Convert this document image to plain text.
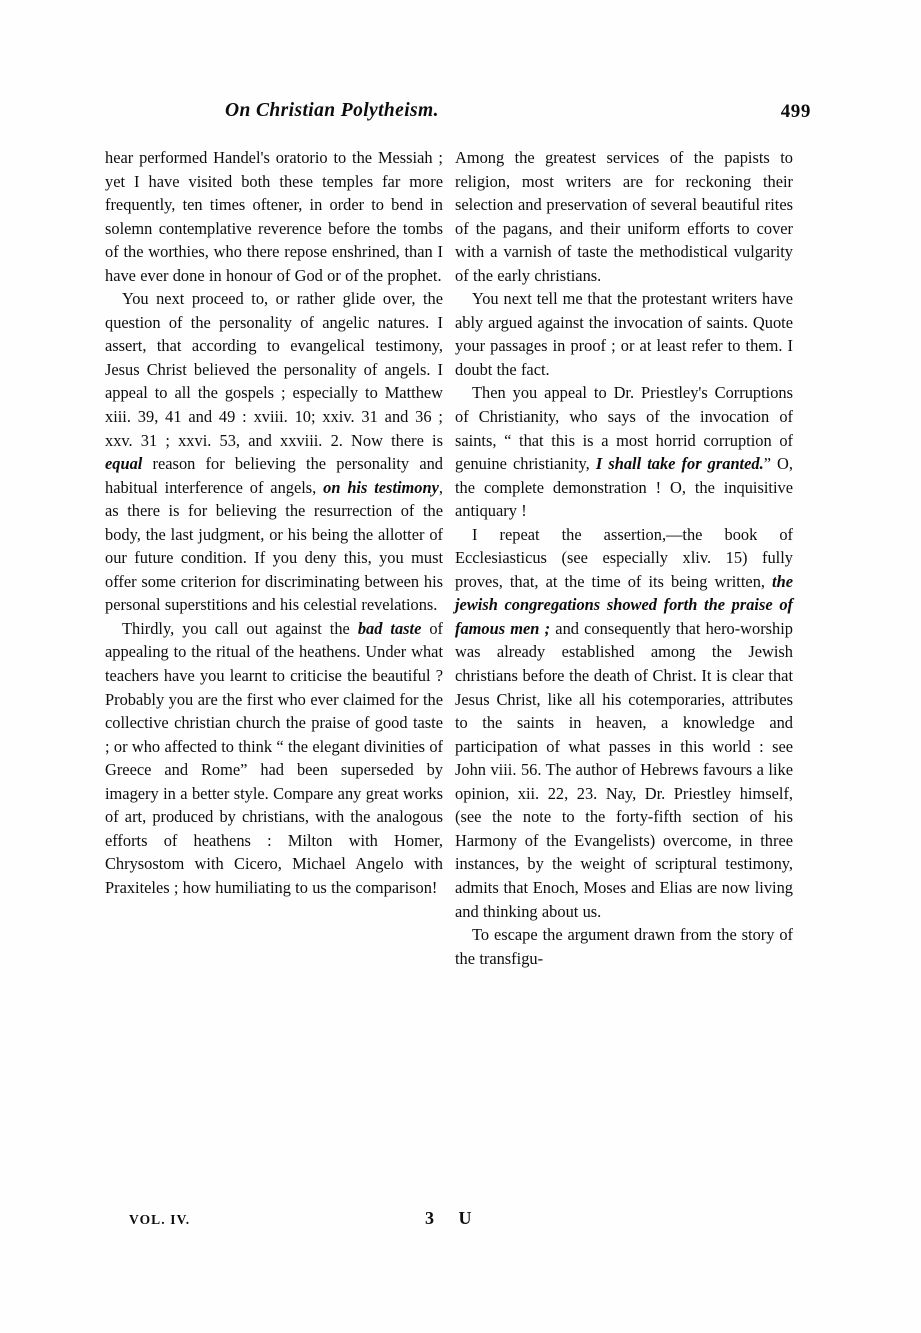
On Christian Polytheism.	499

hear performed Handel's oratorio to the Messiah ; yet I have visited both these temples far more frequently, ten times oftener, in order to bend in solemn contemplative reverence before the tombs of the worthies, who there repose enshrined, than I have ever done in honour of God or of the prophet.

You next proceed to, or rather glide over, the question of the personality of angelic natures. I assert, that according to evangelical testimony, Jesus Christ believed the personality of angels. I appeal to all the gospels ; especially to Matthew xiii. 39, 41 and 49 : xviii. 10; xxiv. 31 and 36 ; xxv. 31 ; xxvi. 53, and xxviii. 2. Now there is equal reason for believing the personality and habitual interference of angels, on his testimony, as there is for believing the resurrection of the body, the last judgment, or his being the allotter of our future condition. If you deny this, you must offer some criterion for discriminating between his personal superstitions and his celestial revelations.

Thirdly, you call out against the bad taste of appealing to the ritual of the heathens. Under what teachers have you learnt to criticise the beautiful ? Probably you are the first who ever claimed for the collective christian church the praise of good taste ; or who affected to think “ the elegant divinities of Greece and Rome” had been superseded by imagery in a better style. Compare any great works of art, produced by christians, with the analogous efforts of heathens : Milton with Homer, Chrysostom with Cicero, Michael Angelo with Praxiteles ; how humiliating to us the comparison!

Among the greatest services of the papists to religion, most writers are for reckoning their selection and preservation of several beautiful rites of the pagans, and their uniform efforts to cover with a varnish of taste the methodistical vulgarity of the early christians.

You next tell me that the protestant writers have ably argued against the invocation of saints. Quote your passages in proof ; or at least refer to them. I doubt the fact.

Then you appeal to Dr. Priestley's Corruptions of Christianity, who says of the invocation of saints, “ that this is a most horrid corruption of genuine christianity, I shall take for granted.” O, the complete demonstration ! O, the inquisitive antiquary !

I repeat the assertion,—the book of Ecclesiasticus (see especially xliv. 15) fully proves, that, at the time of its being written, the jewish congregations showed forth the praise of famous men ; and consequently that hero-worship was already established among the Jewish christians before the death of Christ. It is clear that Jesus Christ, like all his cotemporaries, attributes to the saints in heaven, a knowledge and participation of what passes in this world : see John viii. 56. The author of Hebrews favours a like opinion, xii. 22, 23. Nay, Dr. Priestley himself, (see the note to the forty-fifth section of his Harmony of the Evangelists) overcome, in three instances, by the weight of scriptural testimony, admits that Enoch, Moses and Elias are now living and thinking about us.

To escape the argument drawn from the story of the transfigu-

VOL. IV.	3 U
